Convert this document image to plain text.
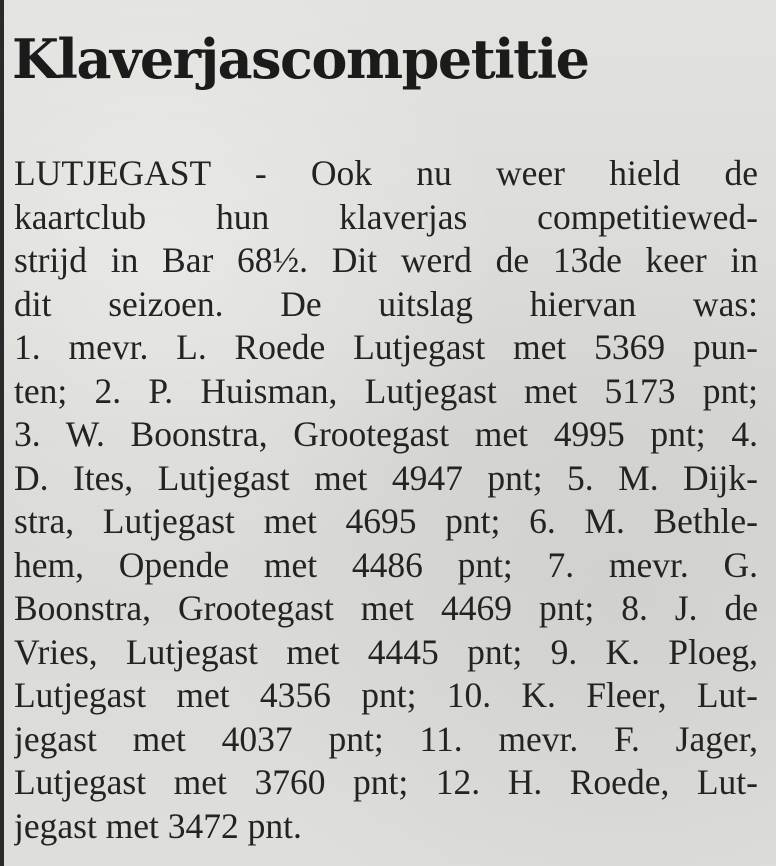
Klaverjascompetitie
LUTJEGAST - Ook nu weer hield de
kaartclub hun klaverjas competitiewed-
strijd in Bar 68½. Dit werd de 13de keer in
dit seizoen. De uitslag hiervan was:
1. mevr. L. Roede Lutjegast met 5369 pun-
ten; 2. P. Huisman, Lutjegast met 5173 pnt;
3. W. Boonstra, Grootegast met 4995 pnt; 4.
D. Ites, Lutjegast met 4947 pnt; 5. M. Dijk-
stra, Lutjegast met 4695 pnt; 6. M. Bethle-
hem, Opende met 4486 pnt; 7. mevr. G.
Boonstra, Grootegast met 4469 pnt; 8. J. de
Vries, Lutjegast met 4445 pnt; 9. K. Ploeg,
Lutjegast met 4356 pnt; 10. K. Fleer, Lut-
jegast met 4037 pnt; 11. mevr. F. Jager,
Lutjegast met 3760 pnt; 12. H. Roede, Lut-
jegast met 3472 pnt.
